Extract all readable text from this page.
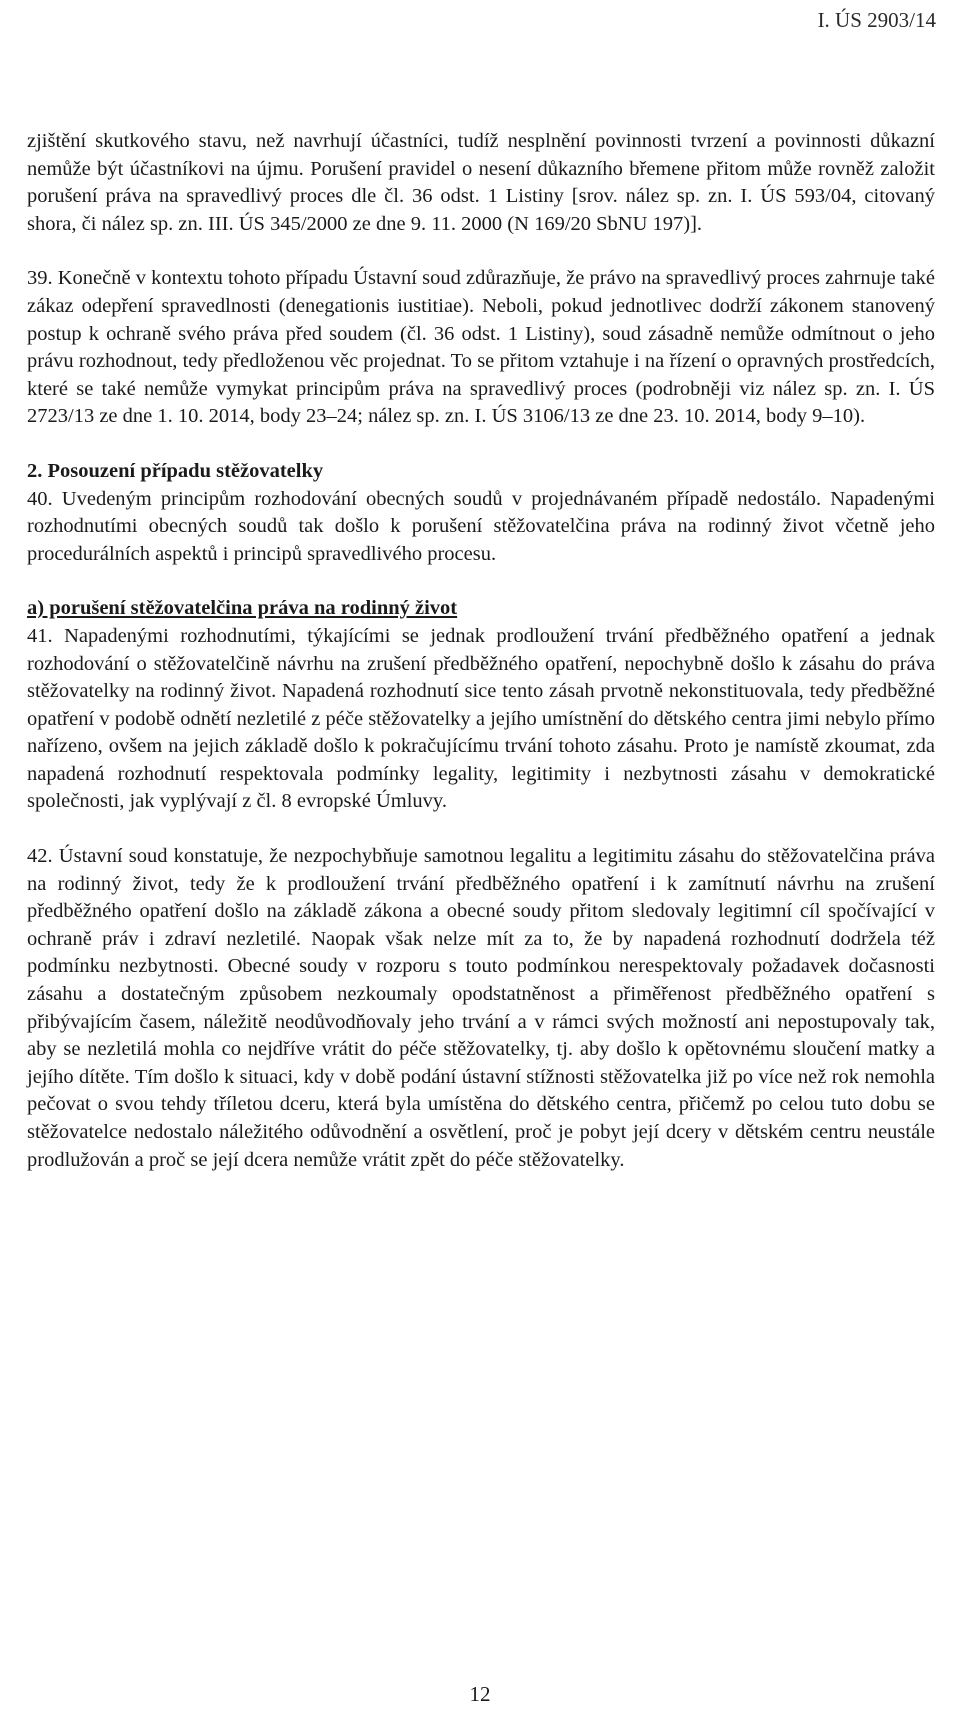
I. ÚS 2903/14

zjištění skutkového stavu, než navrhují účastníci, tudíž nesplnění povinnosti tvrzení a povinnosti důkazní nemůže být účastníkovi na újmu. Porušení pravidel o nesení důkazního břemene přitom může rovněž založit porušení práva na spravedlivý proces dle čl. 36 odst. 1 Listiny [srov. nález sp. zn. I. ÚS 593/04, citovaný shora, či nález sp. zn. III. ÚS 345/2000 ze dne 9. 11. 2000 (N 169/20 SbNU 197)].

39. Konečně v kontextu tohoto případu Ústavní soud zdůrazňuje, že právo na spravedlivý proces zahrnuje také zákaz odepření spravedlnosti (denegationis iustitiae). Neboli, pokud jednotlivec dodrží zákonem stanovený postup k ochraně svého práva před soudem (čl. 36 odst. 1 Listiny), soud zásadně nemůže odmítnout o jeho právu rozhodnout, tedy předloženou věc projednat. To se přitom vztahuje i na řízení o opravných prostředcích, které se také nemůže vymykat principům práva na spravedlivý proces (podrobněji viz nález sp. zn. I. ÚS 2723/13 ze dne 1. 10. 2014, body 23–24; nález sp. zn. I. ÚS 3106/13 ze dne 23. 10. 2014, body 9–10).

2. Posouzení případu stěžovatelky

40. Uvedeným principům rozhodování obecných soudů v projednávaném případě nedostálo. Napadenými rozhodnutími obecných soudů tak došlo k porušení stěžovatelčina práva na rodinný život včetně jeho procedurálních aspektů i principů spravedlivého procesu.

a) porušení stěžovatelčina práva na rodinný život

41. Napadenými rozhodnutími, týkajícími se jednak prodloužení trvání předběžného opatření a jednak rozhodování o stěžovatelčině návrhu na zrušení předběžného opatření, nepochybně došlo k zásahu do práva stěžovatelky na rodinný život. Napadená rozhodnutí sice tento zásah prvotně nekonstituovala, tedy předběžné opatření v podobě odnětí nezletilé z péče stěžovatelky a jejího umístnění do dětského centra jimi nebylo přímo nařízeno, ovšem na jejich základě došlo k pokračujícímu trvání tohoto zásahu. Proto je namístě zkoumat, zda napadená rozhodnutí respektovala podmínky legality, legitimity i nezbytnosti zásahu v demokratické společnosti, jak vyplývají z čl. 8 evropské Úmluvy.

42. Ústavní soud konstatuje, že nezpochybňuje samotnou legalitu a legitimitu zásahu do stěžovatelčina práva na rodinný život, tedy že k prodloužení trvání předběžného opatření i k zamítnutí návrhu na zrušení předběžného opatření došlo na základě zákona a obecné soudy přitom sledovaly legitimní cíl spočívající v ochraně práv i zdraví nezletilé. Naopak však nelze mít za to, že by napadená rozhodnutí dodržela též podmínku nezbytnosti. Obecné soudy v rozporu s touto podmínkou nerespektovaly požadavek dočasnosti zásahu a dostatečným způsobem nezkoumaly opodstatněnost a přiměřenost předběžného opatření s přibývajícím časem, náležitě neodůvodňovaly jeho trvání a v rámci svých možností ani nepostupovaly tak, aby se nezletilá mohla co nejdříve vrátit do péče stěžovatelky, tj. aby došlo k opětovnému sloučení matky a jejího dítěte. Tím došlo k situaci, kdy v době podání ústavní stížnosti stěžovatelka již po více než rok nemohla pečovat o svou tehdy tříletou dceru, která byla umístěna do dětského centra, přičemž po celou tuto dobu se stěžovatelce nedostalo náležitého odůvodnění a osvětlení, proč je pobyt její dcery v dětském centru neustále prodlužován a proč se její dcera nemůže vrátit zpět do péče stěžovatelky.

12
